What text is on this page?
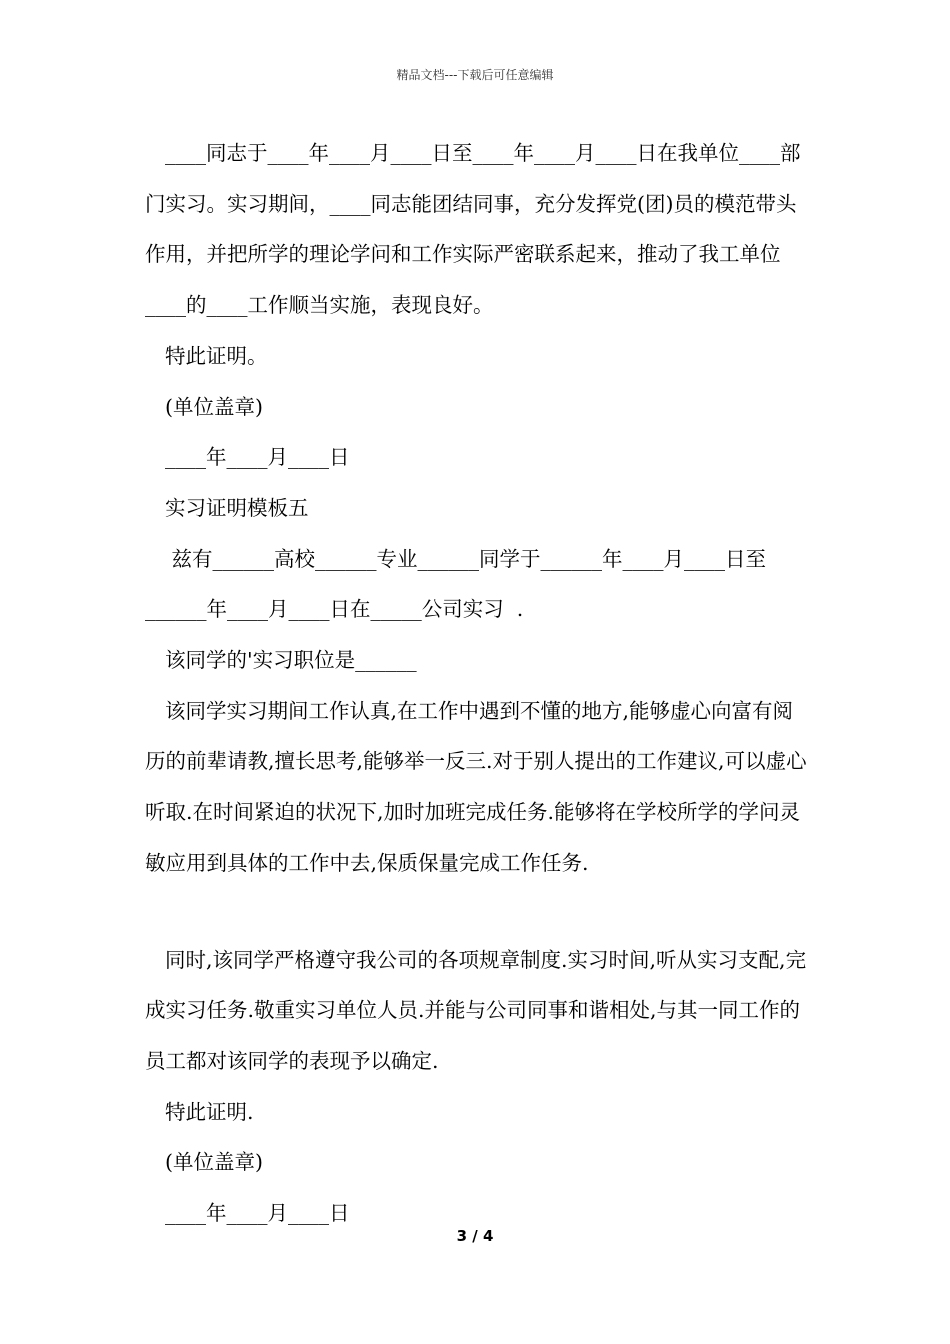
精品文档---下载后可任意编辑

____同志于____年____月____日至____年____月____日在我单位____部门实习。实习期间，____同志能团结同事，充分发挥党(团)员的模范带头作用，并把所学的理论学问和工作实际严密联系起来，推动了我工单位____的____工作顺当实施，表现良好。

特此证明。

(单位盖章)

____年____月____日

实习证明模板五

兹有______高校______专业______同学于______年____月____日至______年____月____日在_____公司实习  .

该同学的'实习职位是______

该同学实习期间工作认真,在工作中遇到不懂的地方,能够虚心向富有阅历的前辈请教,擅长思考,能够举一反三.对于别人提出的工作建议,可以虚心听取.在时间紧迫的状况下,加时加班完成任务.能够将在学校所学的学问灵敏应用到具体的工作中去,保质保量完成工作任务.

同时,该同学严格遵守我公司的各项规章制度.实习时间,听从实习支配,完成实习任务.敬重实习单位人员.并能与公司同事和谐相处,与其一同工作的员工都对该同学的表现予以确定.

特此证明.

(单位盖章)

____年____月____日

3 / 4
